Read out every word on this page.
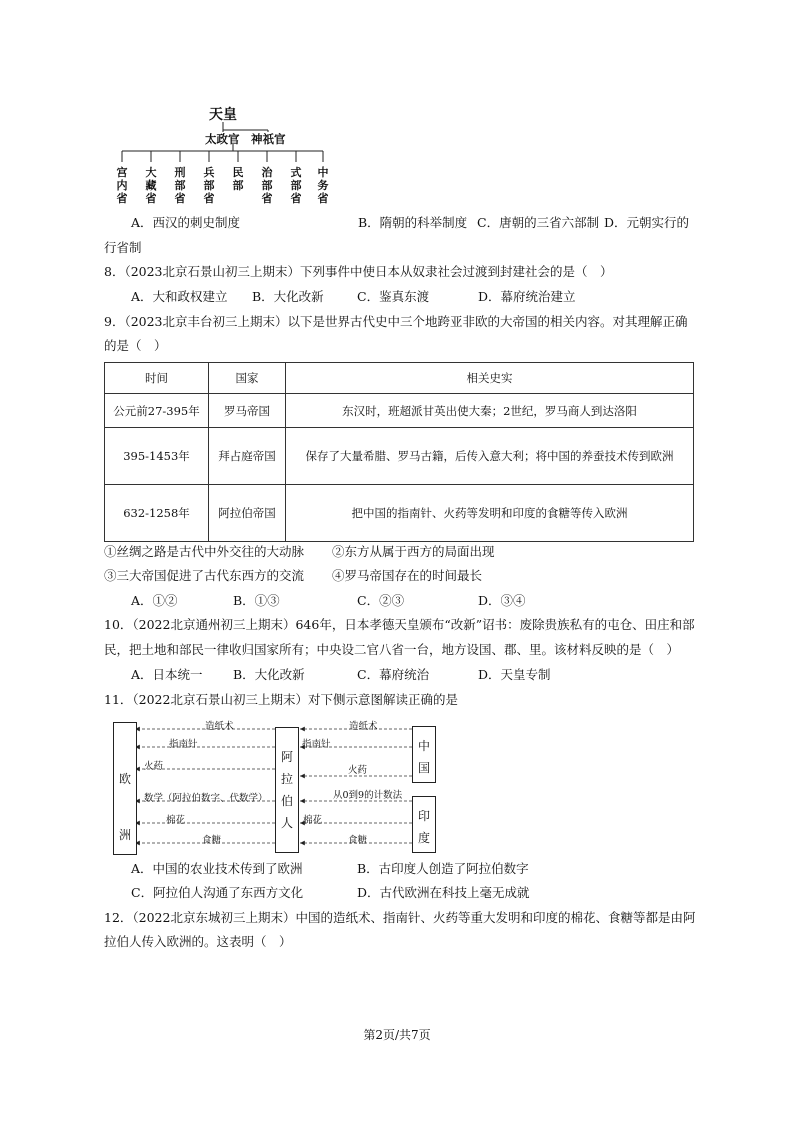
天皇
太政官 神祇官
宫内省
大藏省
刑部省
兵部省
民部
治部省
式部省
中务省
A．西汉的刺史制度	B．隋朝的科举制度 C．唐朝的三省六部制 D．元朝实行的
行省制
8．（2023北京石景山初三上期末）下列事件中使日本从奴隶社会过渡到封建社会的是（　）
A．大和政权建立 B．大化改新	C．鉴真东渡	D．幕府统治建立
9．（2023北京丰台初三上期末）以下是世界古代史中三个地跨亚非欧的大帝国的相关内容。对其理解正确
的是（　）
时间	国家	相关史实
公元前27-395年	罗马帝国	东汉时，班超派甘英出使大秦；2世纪，罗马商人到达洛阳
395-1453年	拜占庭帝国	保存了大量希腊、罗马古籍，后传入意大利；将中国的养蚕技术传到欧洲
632-1258年	阿拉伯帝国	把中国的指南针、火药等发明和印度的食糖等传入欧洲
①丝绸之路是古代中外交往的大动脉 ②东方从属于西方的局面出现
③三大帝国促进了古代东西方的交流 ④罗马帝国存在的时间最长
A．①②	B．①③	C．②③	D．③④
10．（2022北京通州初三上期末）646年，日本孝德天皇颁布“改新”诏书：废除贵族私有的屯仓、田庄和部
民，把土地和部民一律收归国家所有；中央设二官八省一台，地方设国、郡、里。该材料反映的是（　）
A．日本统一 B．大化改新	C．幕府统治	D．天皇专制
11．（2022北京石景山初三上期末）对下侧示意图解读正确的是
欧洲
阿拉伯人
中国
印度
造纸术
指南针
火药
数学（阿拉伯数字、代数学）
棉花
食糖
造纸术
指南针
火药
从0到9的计数法
棉花
食糖
A．中国的农业技术传到了欧洲	B．古印度人创造了阿拉伯数字
C．阿拉伯人沟通了东西方文化	D．古代欧洲在科技上毫无成就
12．（2022北京东城初三上期末）中国的造纸术、指南针、火药等重大发明和印度的棉花、食糖等都是由阿
拉伯人传入欧洲的。这表明（　）
第2页/共7页
